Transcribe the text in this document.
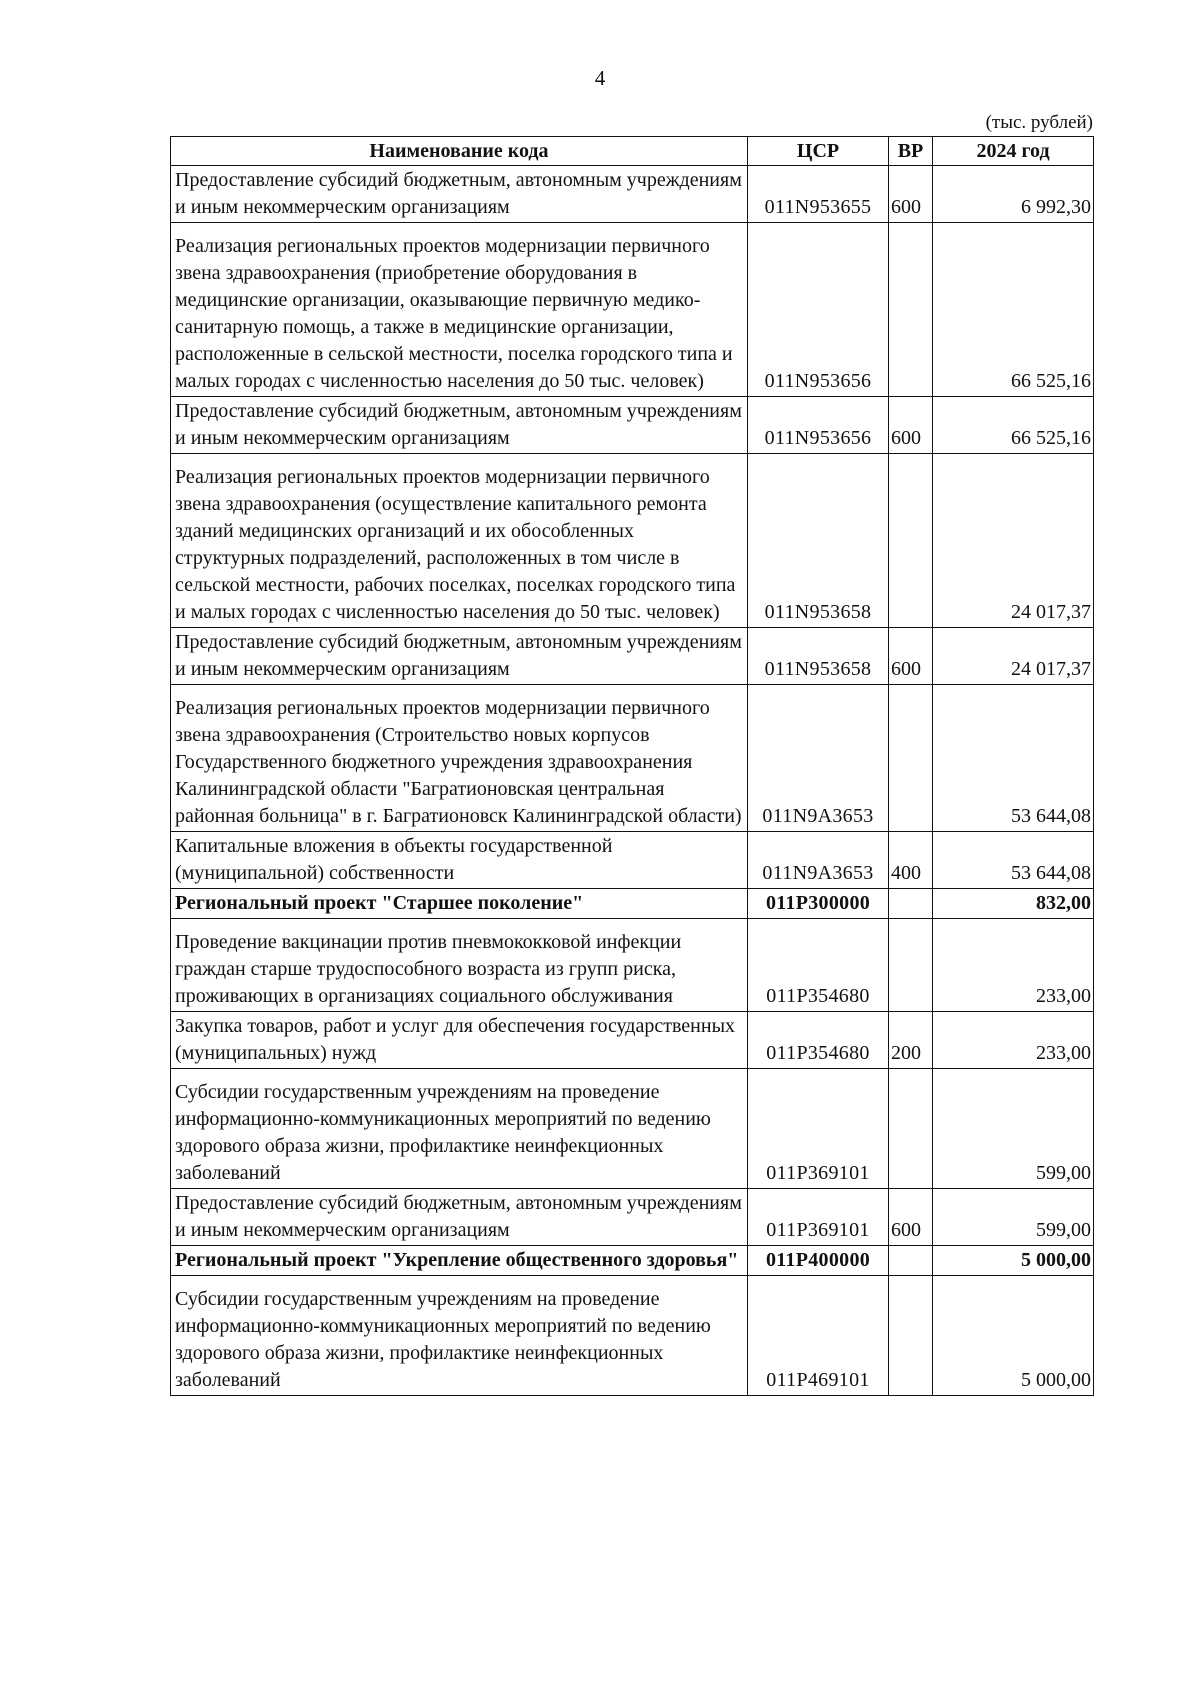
4
(тыс. рублей)
Наименование кода	ЦСР	ВР	2024 год
Предоставление субсидий бюджетным, автономным учреждениям и иным некоммерческим организациям	011N953655	600	6 992,30
Реализация региональных проектов модернизации первичного звена здравоохранения (приобретение оборудования в медицинские организации, оказывающие первичную медико-санитарную помощь, а также в медицинские организации, расположенные в сельской местности, поселка городского типа и малых городах с численностью населения до 50 тыс. человек)	011N953656		66 525,16
Предоставление субсидий бюджетным, автономным учреждениям и иным некоммерческим организациям	011N953656	600	66 525,16
Реализация региональных проектов модернизации первичного звена здравоохранения (осуществление капитального ремонта зданий медицинских организаций и их обособленных структурных подразделений, расположенных в том числе в сельской местности, рабочих поселках, поселках городского типа и малых городах с численностью населения до 50 тыс. человек)	011N953658		24 017,37
Предоставление субсидий бюджетным, автономным учреждениям и иным некоммерческим организациям	011N953658	600	24 017,37
Реализация региональных проектов модернизации первичного звена здравоохранения (Строительство новых корпусов Государственного бюджетного учреждения здравоохранения Калининградской области "Багратионовская центральная районная больница" в г. Багратионовск Калининградской области)	011N9A3653		53 644,08
Капитальные вложения в объекты государственной (муниципальной) собственности	011N9A3653	400	53 644,08
Региональный проект "Старшее поколение"	011P300000		832,00
Проведение вакцинации против пневмококковой инфекции граждан старше трудоспособного возраста из групп риска, проживающих в организациях социального обслуживания	011P354680		233,00
Закупка товаров, работ и услуг для обеспечения государственных (муниципальных) нужд	011P354680	200	233,00
Субсидии государственным учреждениям на проведение информационно-коммуникационных мероприятий по ведению здорового образа жизни, профилактике неинфекционных заболеваний	011P369101		599,00
Предоставление субсидий бюджетным, автономным учреждениям и иным некоммерческим организациям	011P369101	600	599,00
Региональный проект "Укрепление общественного здоровья"	011P400000		5 000,00
Субсидии государственным учреждениям на проведение информационно-коммуникационных мероприятий по ведению здорового образа жизни, профилактике неинфекционных заболеваний	011P469101		5 000,00
